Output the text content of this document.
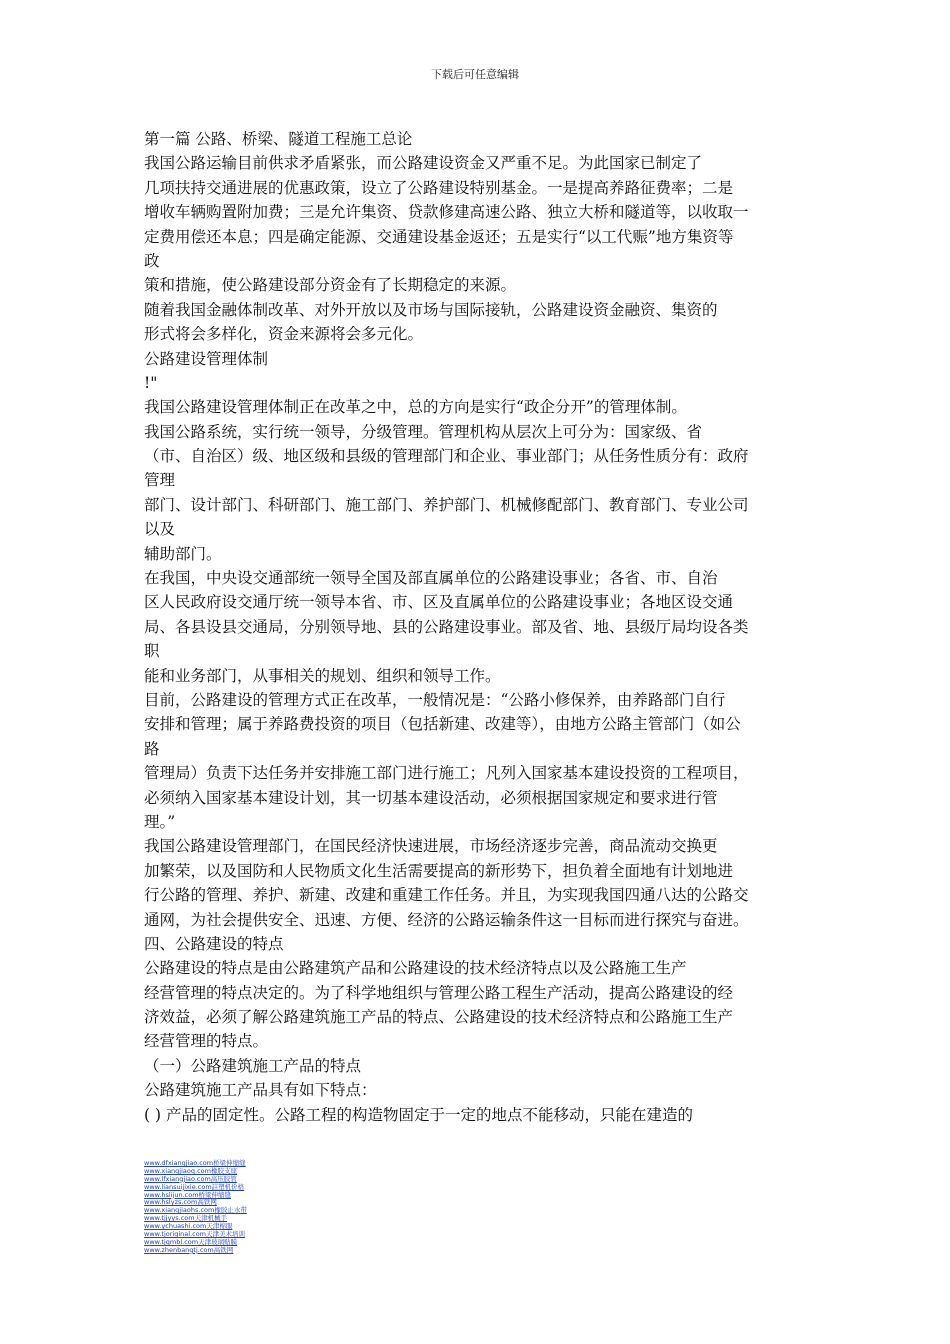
下载后可任意编辑
第一篇 公路、桥梁、隧道工程施工总论
我国公路运输目前供求矛盾紧张，而公路建设资金又严重不足。为此国家已制定了
几项扶持交通进展的优惠政策，设立了公路建设特别基金。一是提高养路征费率；二是
增收车辆购置附加费；三是允许集资、贷款修建高速公路、独立大桥和隧道等，以收取一
定费用偿还本息；四是确定能源、交通建设基金返还；五是实行“以工代赈”地方集资等
政
策和措施，使公路建设部分资金有了长期稳定的来源。
随着我国金融体制改革、对外开放以及市场与国际接轨，公路建设资金融资、集资的
形式将会多样化，资金来源将会多元化。
公路建设管理体制
!"
我国公路建设管理体制正在改革之中，总的方向是实行“政企分开”的管理体制。
我国公路系统，实行统一领导，分级管理。管理机构从层次上可分为：国家级、省
（市、自治区）级、地区级和县级的管理部门和企业、事业部门；从任务性质分有：政府
管理
部门、设计部门、科研部门、施工部门、养护部门、机械修配部门、教育部门、专业公司
以及
辅助部门。
在我国，中央设交通部统一领导全国及部直属单位的公路建设事业；各省、市、自治
区人民政府设交通厅统一领导本省、市、区及直属单位的公路建设事业；各地区设交通
局、各县设县交通局，分别领导地、县的公路建设事业。部及省、地、县级厅局均设各类
职
能和业务部门，从事相关的规划、组织和领导工作。
目前，公路建设的管理方式正在改革，一般情况是：“公路小修保养，由养路部门自行
安排和管理；属于养路费投资的项目（包括新建、改建等），由地方公路主管部门（如公
路
管理局）负责下达任务并安排施工部门进行施工；凡列入国家基本建设投资的工程项目，
必须纳入国家基本建设计划，其一切基本建设活动，必须根据国家规定和要求进行管
理。”
我国公路建设管理部门，在国民经济快速进展，市场经济逐步完善，商品流动交换更
加繁荣，以及国防和人民物质文化生活需要提高的新形势下，担负着全面地有计划地进
行公路的管理、养护、新建、改建和重建工作任务。并且，为实现我国四通八达的公路交
通网，为社会提供安全、迅速、方便、经济的公路运输条件这一目标而进行探究与奋进。
四、公路建设的特点
公路建设的特点是由公路建筑产品和公路建设的技术经济特点以及公路施工生产
经营管理的特点决定的。为了科学地组织与管理公路工程生产活动，提高公路建设的经
济效益，必须了解公路建筑施工产品的特点、公路建设的技术经济特点和公路施工生产
经营管理的特点。
（一）公路建筑施工产品的特点
公路建筑施工产品具有如下特点：
( ) 产品的固定性。公路工程的构造物固定于一定的地点不能移动，只能在建造的
www.dfxiangjiao.com桥梁伸缩缝
www.xiangjiaoq.com橡胶支座
www.lfxiangjiao.com高压胶管
www.liansuijixie.com註塑机价格
www.hslijun.com桥梁伸缩缝
www.hslyzs.com高铁网
www.xiangjiaohs.com橡胶止水带
www.tjjyys.com天津机械手
www.ychuashi.com天津棉服
www.tjoriginal.com天津美术培训
www.tjqmbl.com天津玻璃贴膜
www.zhenbangtj.com高铁网
